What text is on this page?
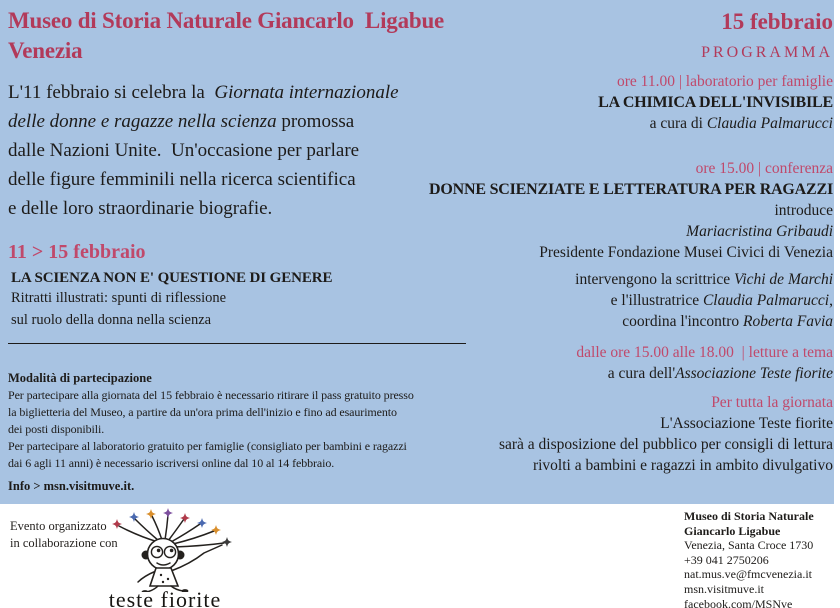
Museo di Storia Naturale Giancarlo  Ligabue
Venezia
L'11 febbraio si celebra la  Giornata internazionale
delle donne e ragazze nella scienza promossa
dalle Nazioni Unite.  Un'occasione per parlare
delle figure femminili nella ricerca scientifica
e delle loro straordinarie biografie.
11 > 15 febbraio
LA SCIENZA NON E' QUESTIONE DI GENERE
Ritratti illustrati: spunti di riflessione
sul ruolo della donna nella scienza
Modalità di partecipazione
Per partecipare alla giornata del 15 febbraio è necessario ritirare il pass gratuito presso
la biglietteria del Museo, a partire da un'ora prima dell'inizio e fino ad esaurimento
dei posti disponibili.
Per partecipare al laboratorio gratuito per famiglie (consigliato per bambini e ragazzi
dai 6 agli 11 anni) è necessario iscriversi online dal 10 al 14 febbraio.
Info > msn.visitmuve.it.
15 febbraio
PROGRAMMA
ore 11.00 | laboratorio per famiglie
LA CHIMICA DELL'INVISIBILE
a cura di Claudia Palmarucci
ore 15.00 | conferenza
DONNE SCIENZIATE E LETTERATURA PER RAGAZZI
introduce
Mariacristina Gribaudi
Presidente Fondazione Musei Civici di Venezia
intervengono la scrittrice Vichi de Marchi
e l'illustratrice Claudia Palmarucci,
coordina l'incontro Roberta Favia
dalle ore 15.00 alle 18.00  | letture a tema
a cura dell'Associazione Teste fiorite
Per tutta la giornata
L'Associazione Teste fiorite
sarà a disposizione del pubblico per consigli di lettura
rivolti a bambini e ragazzi in ambito divulgativo
Evento organizzato
in collaborazione con
teste fiorite
Museo di Storia Naturale
Giancarlo Ligabue
Venezia, Santa Croce 1730
+39 041 2750206
nat.mus.ve@fmcvenezia.it
msn.visitmuve.it
facebook.com/MSNve
